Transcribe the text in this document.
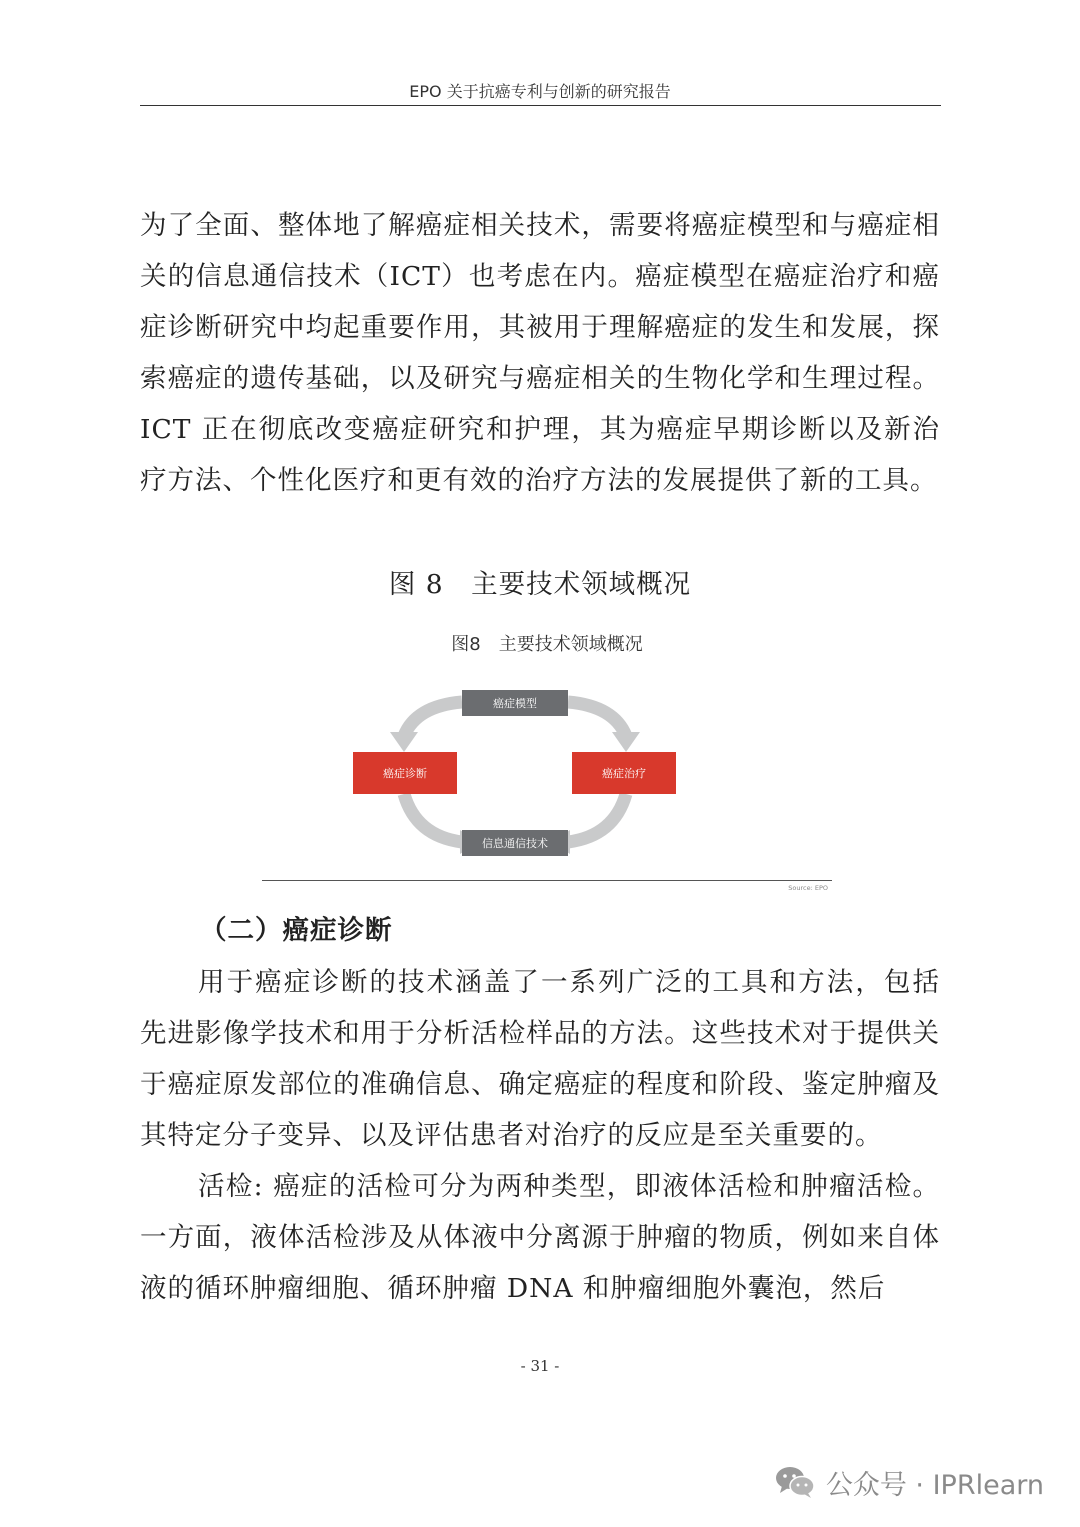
EPO 关于抗癌专利与创新的研究报告

为了全面、整体地了解癌症相关技术，需要将癌症模型和与癌症相关的信息通信技术（ICT）也考虑在内。癌症模型在癌症治疗和癌症诊断研究中均起重要作用，其被用于理解癌症的发生和发展，探索癌症的遗传基础，以及研究与癌症相关的生物化学和生理过程。ICT 正在彻底改变癌症研究和护理，其为癌症早期诊断以及新治疗方法、个性化医疗和更有效的治疗方法的发展提供了新的工具。

图 8　主要技术领域概况
图8　主要技术领域概况
癌症模型
癌症诊断	癌症治疗
信息通信技术
Source: EPO
（二）癌症诊断

用于癌症诊断的技术涵盖了一系列广泛的工具和方法，包括先进影像学技术和用于分析活检样品的方法。这些技术对于提供关于癌症原发部位的准确信息、确定癌症的程度和阶段、鉴定肿瘤及其特定分子变异、以及评估患者对治疗的反应是至关重要的。

活检: 癌症的活检可分为两种类型，即液体活检和肿瘤活检。一方面，液体活检涉及从体液中分离源于肿瘤的物质，例如来自体液的循环肿瘤细胞、循环肿瘤 DNA 和肿瘤细胞外囊泡，然后

- 31 -
公众号 · IPRlearn
